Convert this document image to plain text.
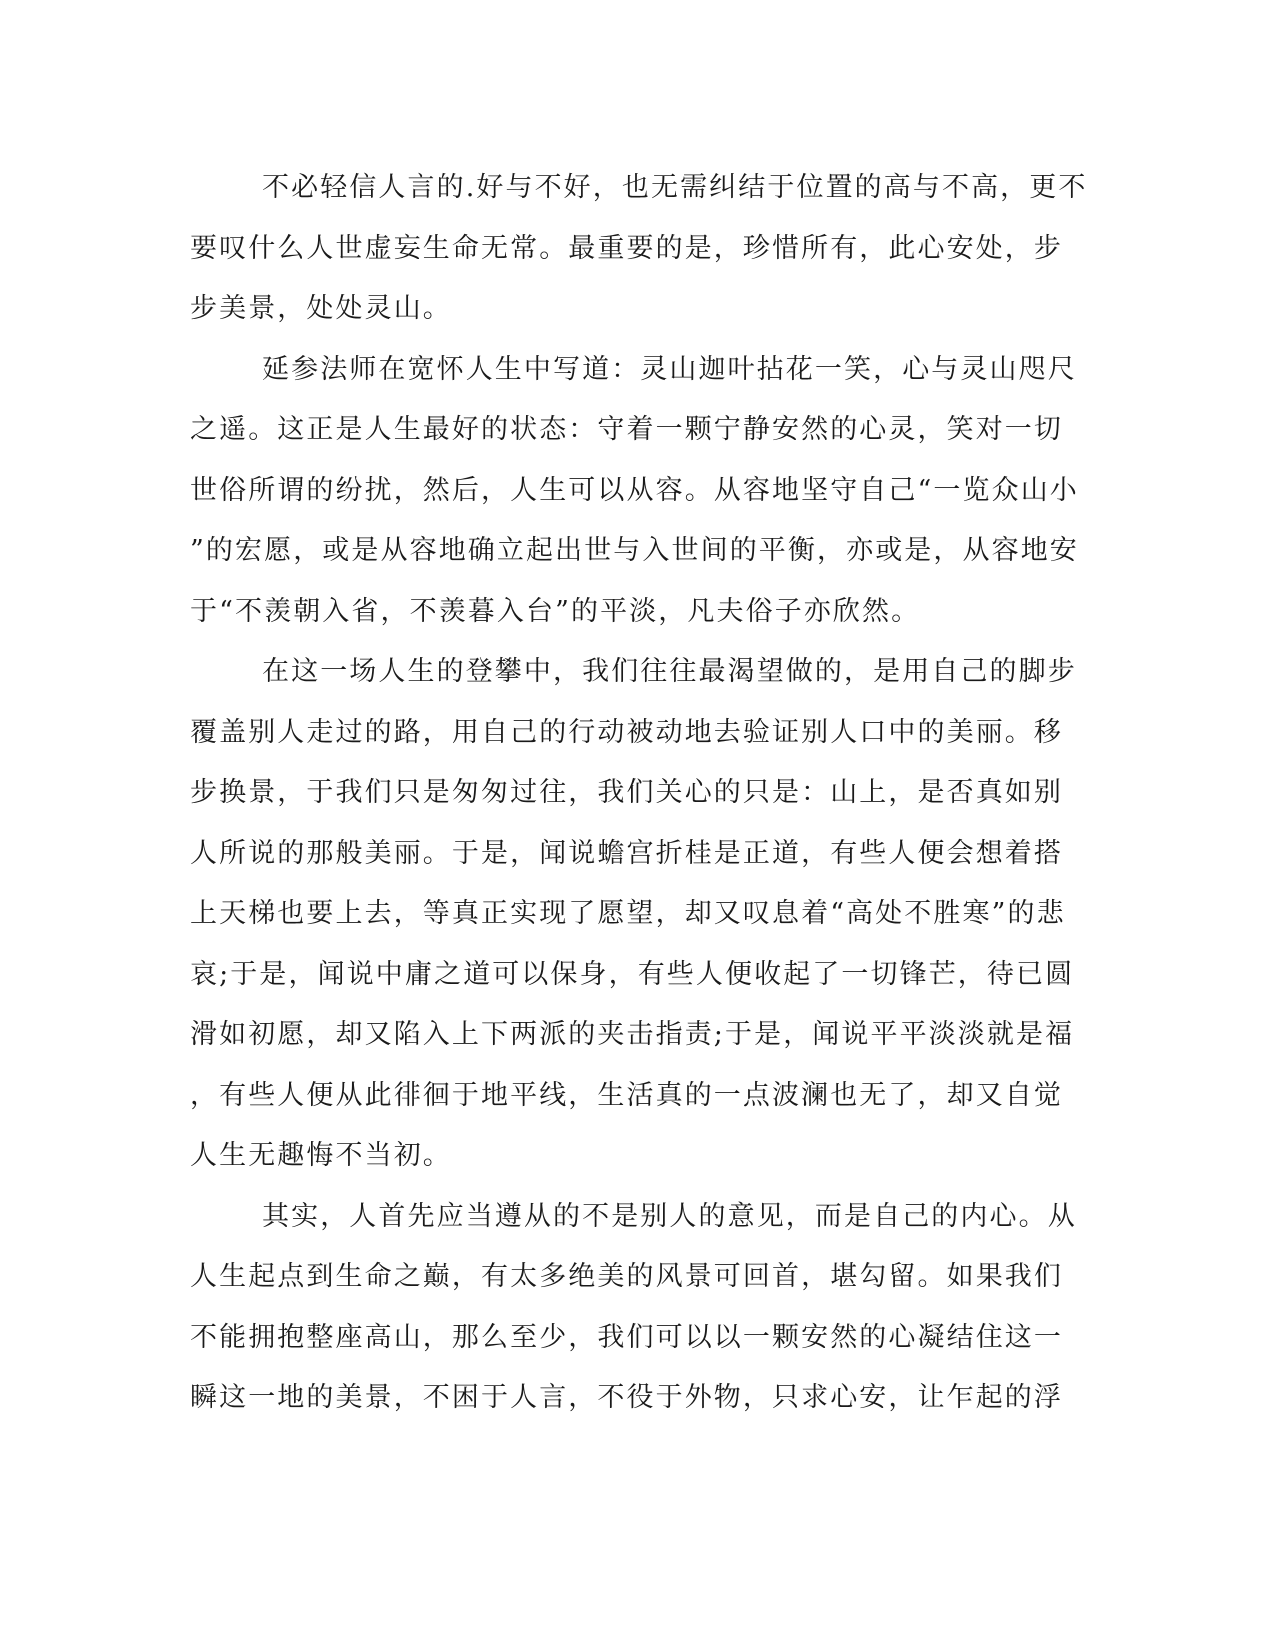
不必轻信人言的.好与不好，也无需纠结于位置的高与不高，更不
要叹什么人世虚妄生命无常。最重要的是，珍惜所有，此心安处，步
步美景，处处灵山。
延参法师在宽怀人生中写道：灵山迦叶拈花一笑，心与灵山咫尺
之遥。这正是人生最好的状态：守着一颗宁静安然的心灵，笑对一切
世俗所谓的纷扰，然后，人生可以从容。从容地坚守自己“一览众山小
”的宏愿，或是从容地确立起出世与入世间的平衡，亦或是，从容地安
于“不羡朝入省，不羡暮入台”的平淡，凡夫俗子亦欣然。
在这一场人生的登攀中，我们往往最渴望做的，是用自己的脚步
覆盖别人走过的路，用自己的行动被动地去验证别人口中的美丽。移
步换景，于我们只是匆匆过往，我们关心的只是：山上，是否真如别
人所说的那般美丽。于是，闻说蟾宫折桂是正道，有些人便会想着搭
上天梯也要上去，等真正实现了愿望，却又叹息着“高处不胜寒”的悲
哀;于是，闻说中庸之道可以保身，有些人便收起了一切锋芒，待已圆
滑如初愿，却又陷入上下两派的夹击指责;于是，闻说平平淡淡就是福
，有些人便从此徘徊于地平线，生活真的一点波澜也无了，却又自觉
人生无趣悔不当初。
其实，人首先应当遵从的不是别人的意见，而是自己的内心。从
人生起点到生命之巅，有太多绝美的风景可回首，堪勾留。如果我们
不能拥抱整座高山，那么至少，我们可以以一颗安然的心凝结住这一
瞬这一地的美景，不困于人言，不役于外物，只求心安，让乍起的浮
